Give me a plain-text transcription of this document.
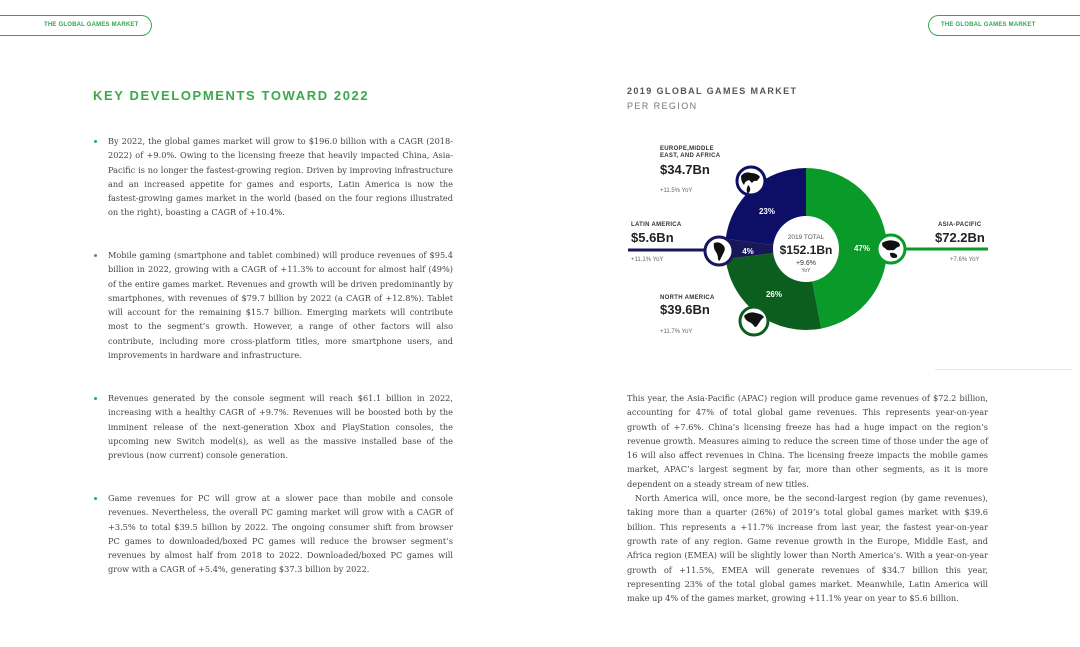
THE GLOBAL GAMES MARKET	THE GLOBAL GAMES MARKET
KEY DEVELOPMENTS TOWARD 2022
By 2022, the global games market will grow to $196.0 billion with a CAGR (2018-2022) of +9.0%. Owing to the licensing freeze that heavily impacted China, Asia-Pacific is no longer the fastest-growing region. Driven by improving infrastructure and an increased appetite for games and esports, Latin America is now the fastest-growing games market in the world (based on the four regions illustrated on the right), boasting a CAGR of +10.4%.
Mobile gaming (smartphone and tablet combined) will produce revenues of $95.4 billion in 2022, growing with a CAGR of +11.3% to account for almost half (49%) of the entire games market. Revenues and growth will be driven predominantly by smartphones, with revenues of $79.7 billion by 2022 (a CAGR of +12.8%). Tablet will account for the remaining $15.7 billion. Emerging markets will contribute most to the segment’s growth. However, a range of other factors will also contribute, including more cross-platform titles, more smartphone users, and improvements in hardware and infrastructure.
Revenues generated by the console segment will reach $61.1 billion in 2022, increasing with a healthy CAGR of +9.7%. Revenues will be boosted both by the imminent release of the next-generation Xbox and PlayStation consoles, the upcoming new Switch model(s), as well as the massive installed base of the previous (now current) console generation.
Game revenues for PC will grow at a slower pace than mobile and console revenues. Nevertheless, the overall PC gaming market will grow with a CAGR of +3.5% to total $39.5 billion by 2022. The ongoing consumer shift from browser PC games to downloaded/boxed PC games will reduce the browser segment’s revenues by almost half from 2018 to 2022. Downloaded/boxed PC games will grow with a CAGR of +5.4%, generating $37.3 billion by 2022.
2019 GLOBAL GAMES MARKET
PER REGION
2019 TOTAL
$152.1Bn
+9.6%
YoY
47%
26%
4%
23%
EUROPE,MIDDLE
EAST, AND AFRICA
$34.7Bn
+11.5% YoY
LATIN AMERICA
$5.6Bn
+11.1% YoY
ASIA-PACIFIC
$72.2Bn
+7.6% YoY
NORTH AMERICA
$39.6Bn
+11.7% YoY

This year, the Asia-Pacific (APAC) region will produce game revenues of $72.2 billion, accounting for 47% of total global game revenues. This represents year-on-year growth of +7.6%. China’s licensing freeze has had a huge impact on the region’s revenue growth. Measures aiming to reduce the screen time of those under the age of 16 will also affect revenues in China. The licensing freeze impacts the mobile games market, APAC’s largest segment by far, more than other segments, as it is more dependent on a steady stream of new titles.

North America will, once more, be the second-largest region (by game revenues), taking more than a quarter (26%) of 2019’s total global games market with $39.6 billion. This represents a +11.7% increase from last year, the fastest year-on-year growth rate of any region. Game revenue growth in the Europe, Middle East, and Africa region (EMEA) will be slightly lower than North America’s. With a year-on-year growth of +11.5%, EMEA will generate revenues of $34.7 billion this year, representing 23% of the total global games market. Meanwhile, Latin America will make up 4% of the games market, growing +11.1% year on year to $5.6 billion.
